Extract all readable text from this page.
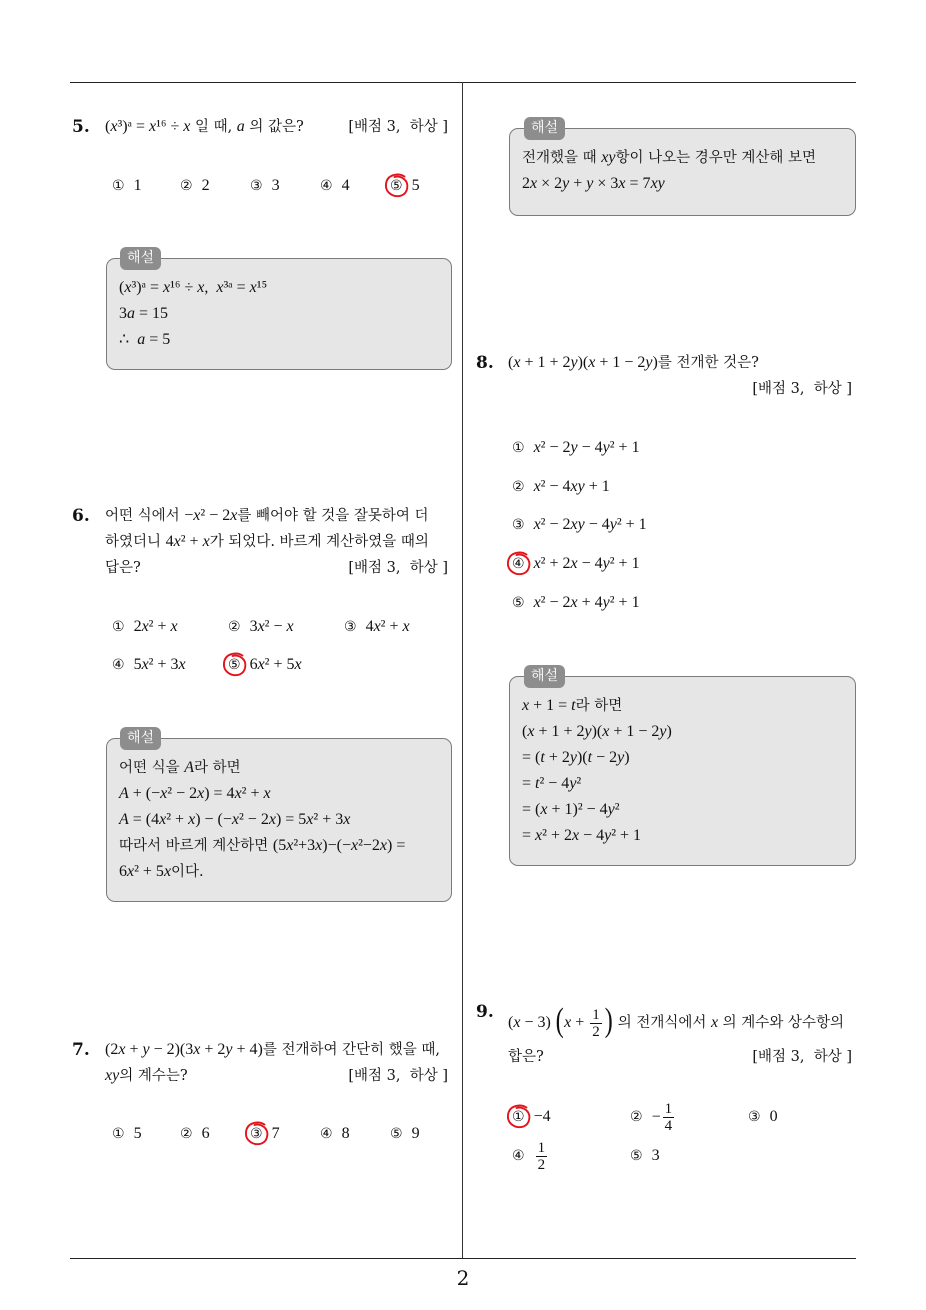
5. (x³)ᵃ = x¹⁶ ÷ x 일 때, a 의 값은?	[배점 3,  하상 ]
① 1	② 2	③ 3	④ 4	⑤ 5
해설
(x³)ᵃ = x¹⁶ ÷ x,  x³ᵃ = x¹⁵
3a = 15
∴  a = 5
6. 어떤 식에서 −x² − 2x를 빼어야 할 것을 잘못하여 더
하였더니 4x² + x가 되었다. 바르게 계산하였을 때의
답은?	[배점 3,  하상 ]
① 2x² + x	② 3x² − x	③ 4x² + x
④ 5x² + 3x	⑤ 6x² + 5x
해설
어떤 식을 A라 하면
A + (−x² − 2x) = 4x² + x
A = (4x² + x) − (−x² − 2x) = 5x² + 3x
따라서 바르게 계산하면 (5x²+3x)−(−x²−2x) =
6x² + 5x이다.
7. (2x + y − 2)(3x + 2y + 4)를 전개하여 간단히 했을 때,
xy의 계수는?	[배점 3,  하상 ]
① 5	② 6	③ 7	④ 8	⑤ 9
해설
전개했을 때 xy항이 나오는 경우만 계산해 보면
2x × 2y + y × 3x = 7xy
8. (x + 1 + 2y)(x + 1 − 2y)를 전개한 것은?
[배점 3,  하상 ]
① x² − 2y − 4y² + 1
② x² − 4xy + 1
③ x² − 2xy − 4y² + 1
④ x² + 2x − 4y² + 1
⑤ x² − 2x + 4y² + 1
해설
x + 1 = t라 하면
(x + 1 + 2y)(x + 1 − 2y)
= (t + 2y)(t − 2y)
= t² − 4y²
= (x + 1)² − 4y²
= x² + 2x − 4y² + 1
9.
(x − 3) ($x + \frac{1}{2}$ ) 의 전개식에서 x 의 계수와 상수항의
합은?	[배점 3,  하상 ]
① −4	② − $\frac{1}{4}$	③ 0
④ $\frac{1}{2}$	⑤ 3
2
